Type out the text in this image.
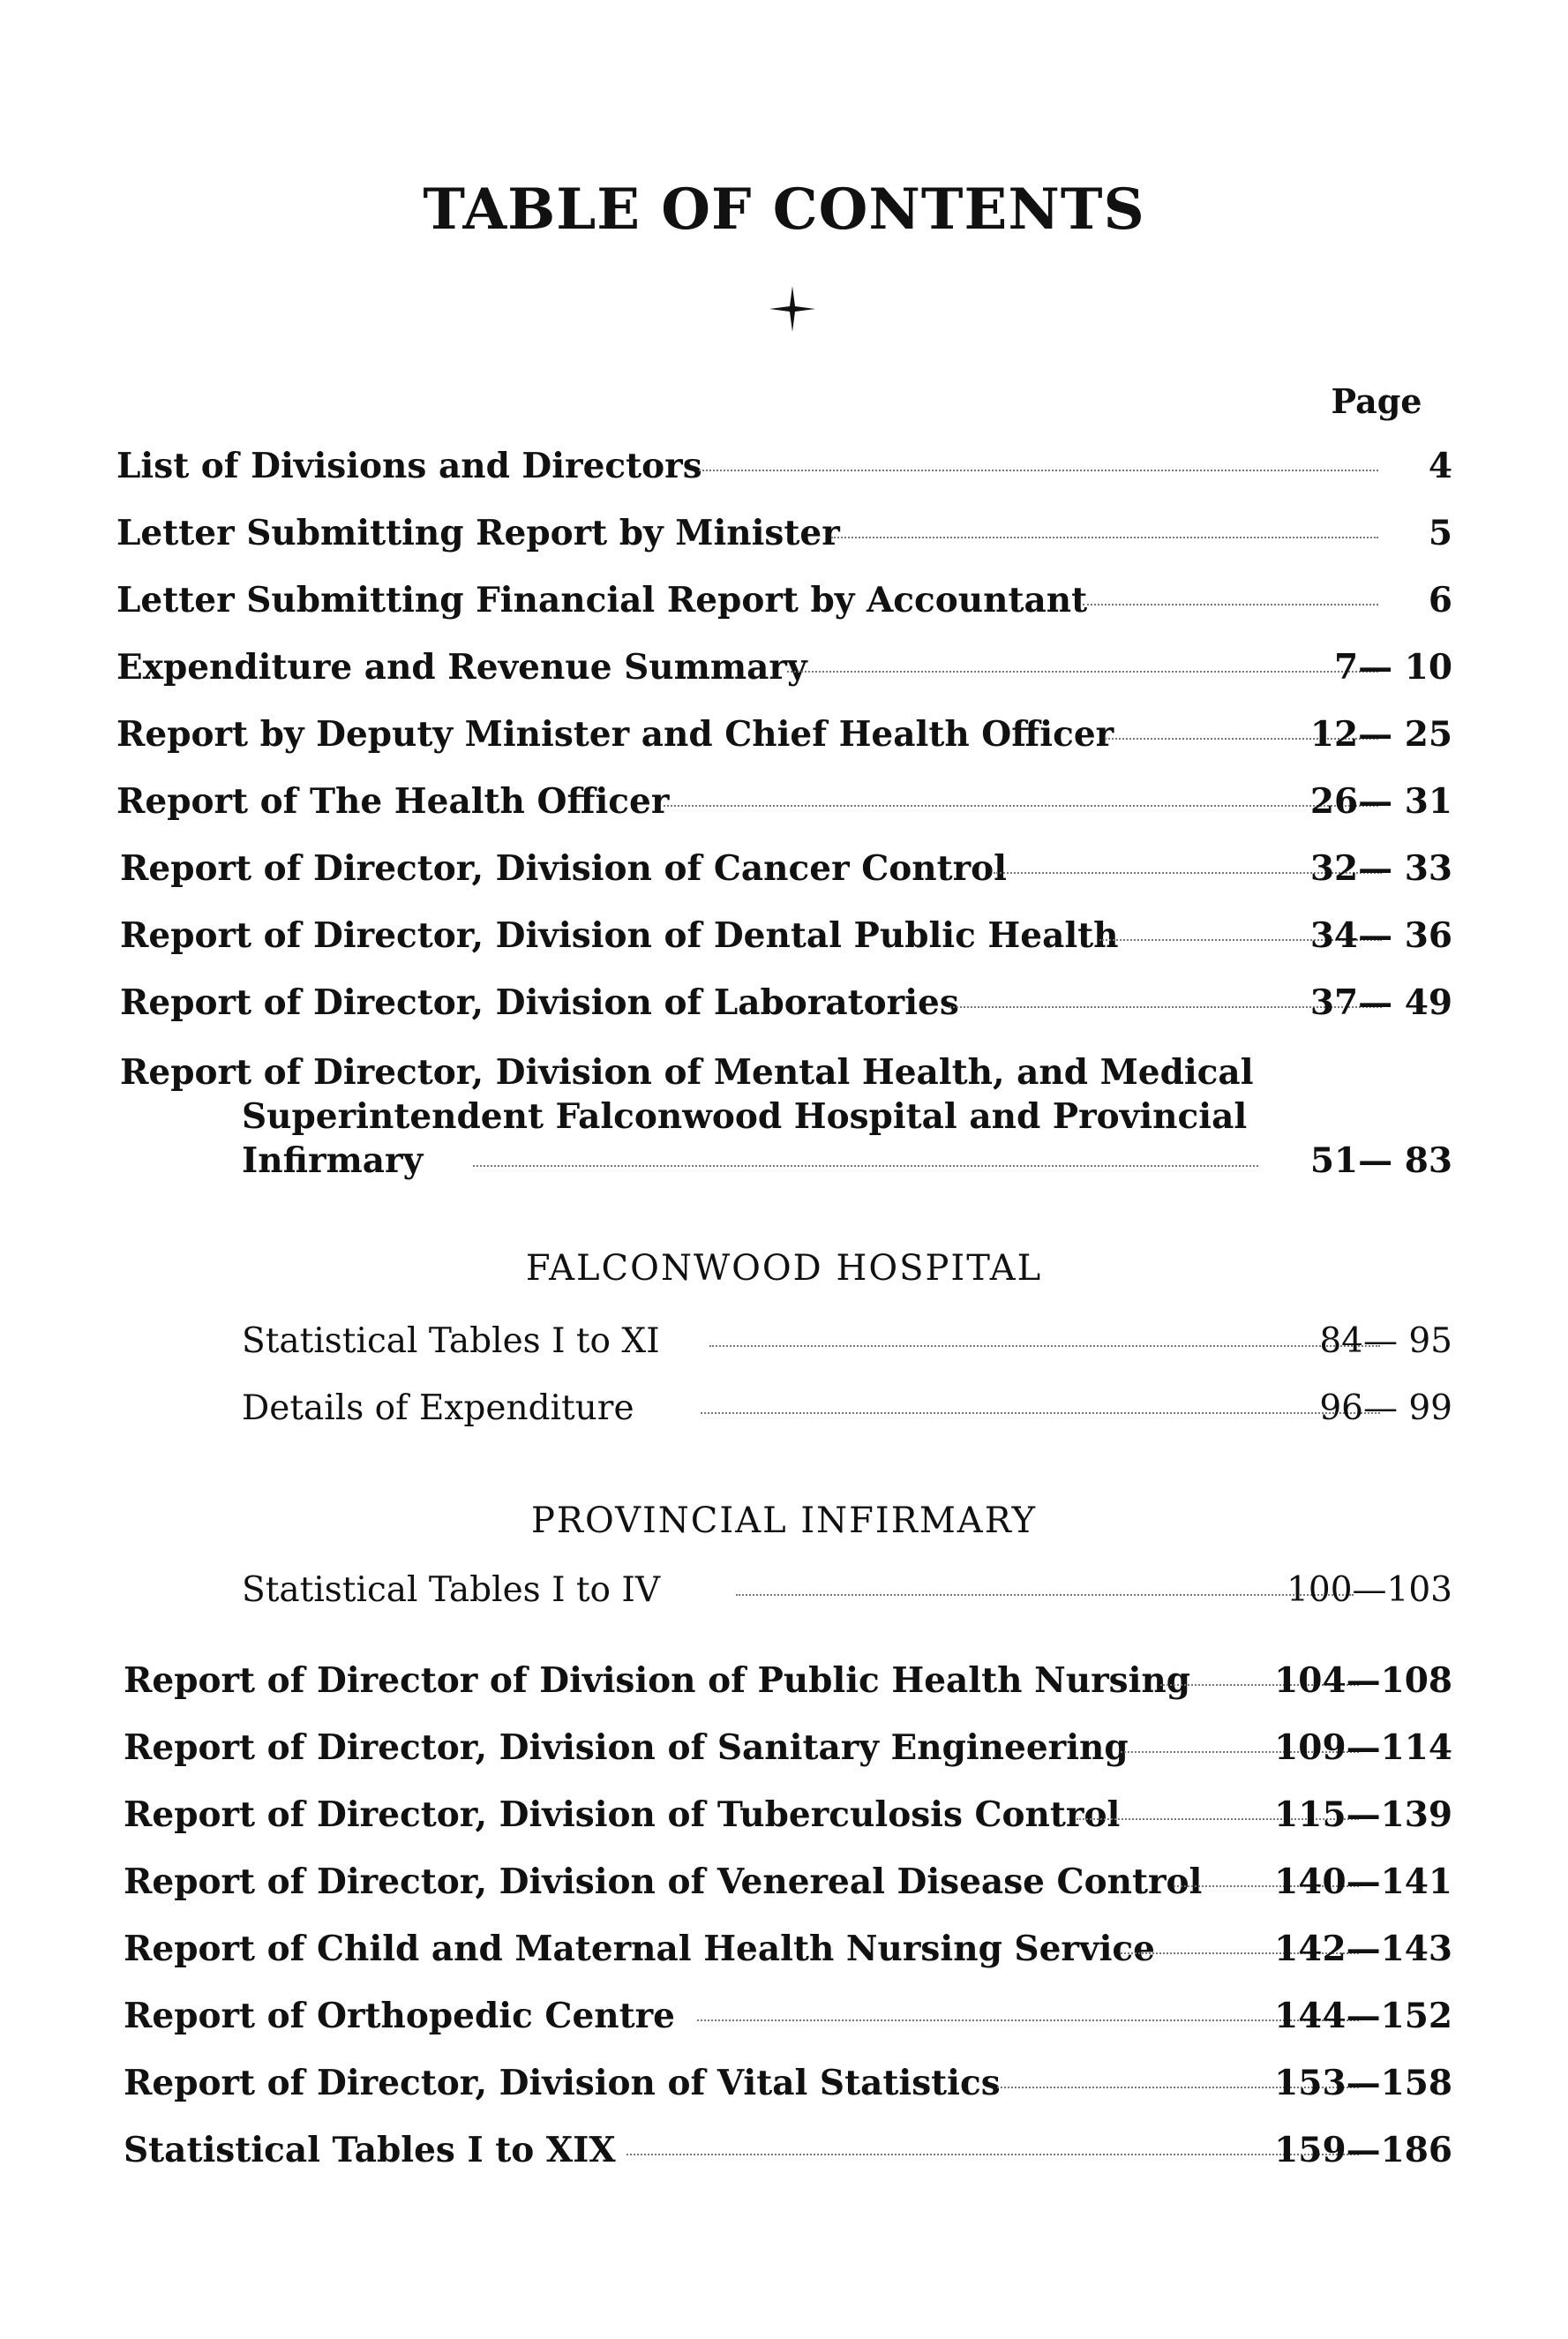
TABLE OF CONTENTS
Page
List of Divisions and Directors	4
Letter Submitting Report by Minister	5
Letter Submitting Financial Report by Accountant	6
Expenditure and Revenue Summary	7— 10
Report by Deputy Minister and Chief Health Officer	12— 25
Report of The Health Officer	26— 31
Report of Director, Division of Cancer Control	32— 33
Report of Director, Division of Dental Public Health	34— 36
Report of Director, Division of Laboratories	37— 49
Report of Director, Division of Mental Health, and Medical
Superintendent Falconwood Hospital and Provincial
Infirmary	51— 83
FALCONWOOD HOSPITAL
Statistical Tables I to XI	84— 95
Details of Expenditure	96— 99
PROVINCIAL INFIRMARY
Statistical Tables I to IV	100—103
Report of Director of Division of Public Health Nursing 104—108
Report of Director, Division of Sanitary Engineering	109—114
Report of Director, Division of Tuberculosis Control	115—139
Report of Director, Division of Venereal Disease Control 140—141
Report of Child and Maternal Health Nursing Service	142—143
Report of Orthopedic Centre	144—152
Report of Director, Division of Vital Statistics	153—158
Statistical Tables I to XIX	159—186
